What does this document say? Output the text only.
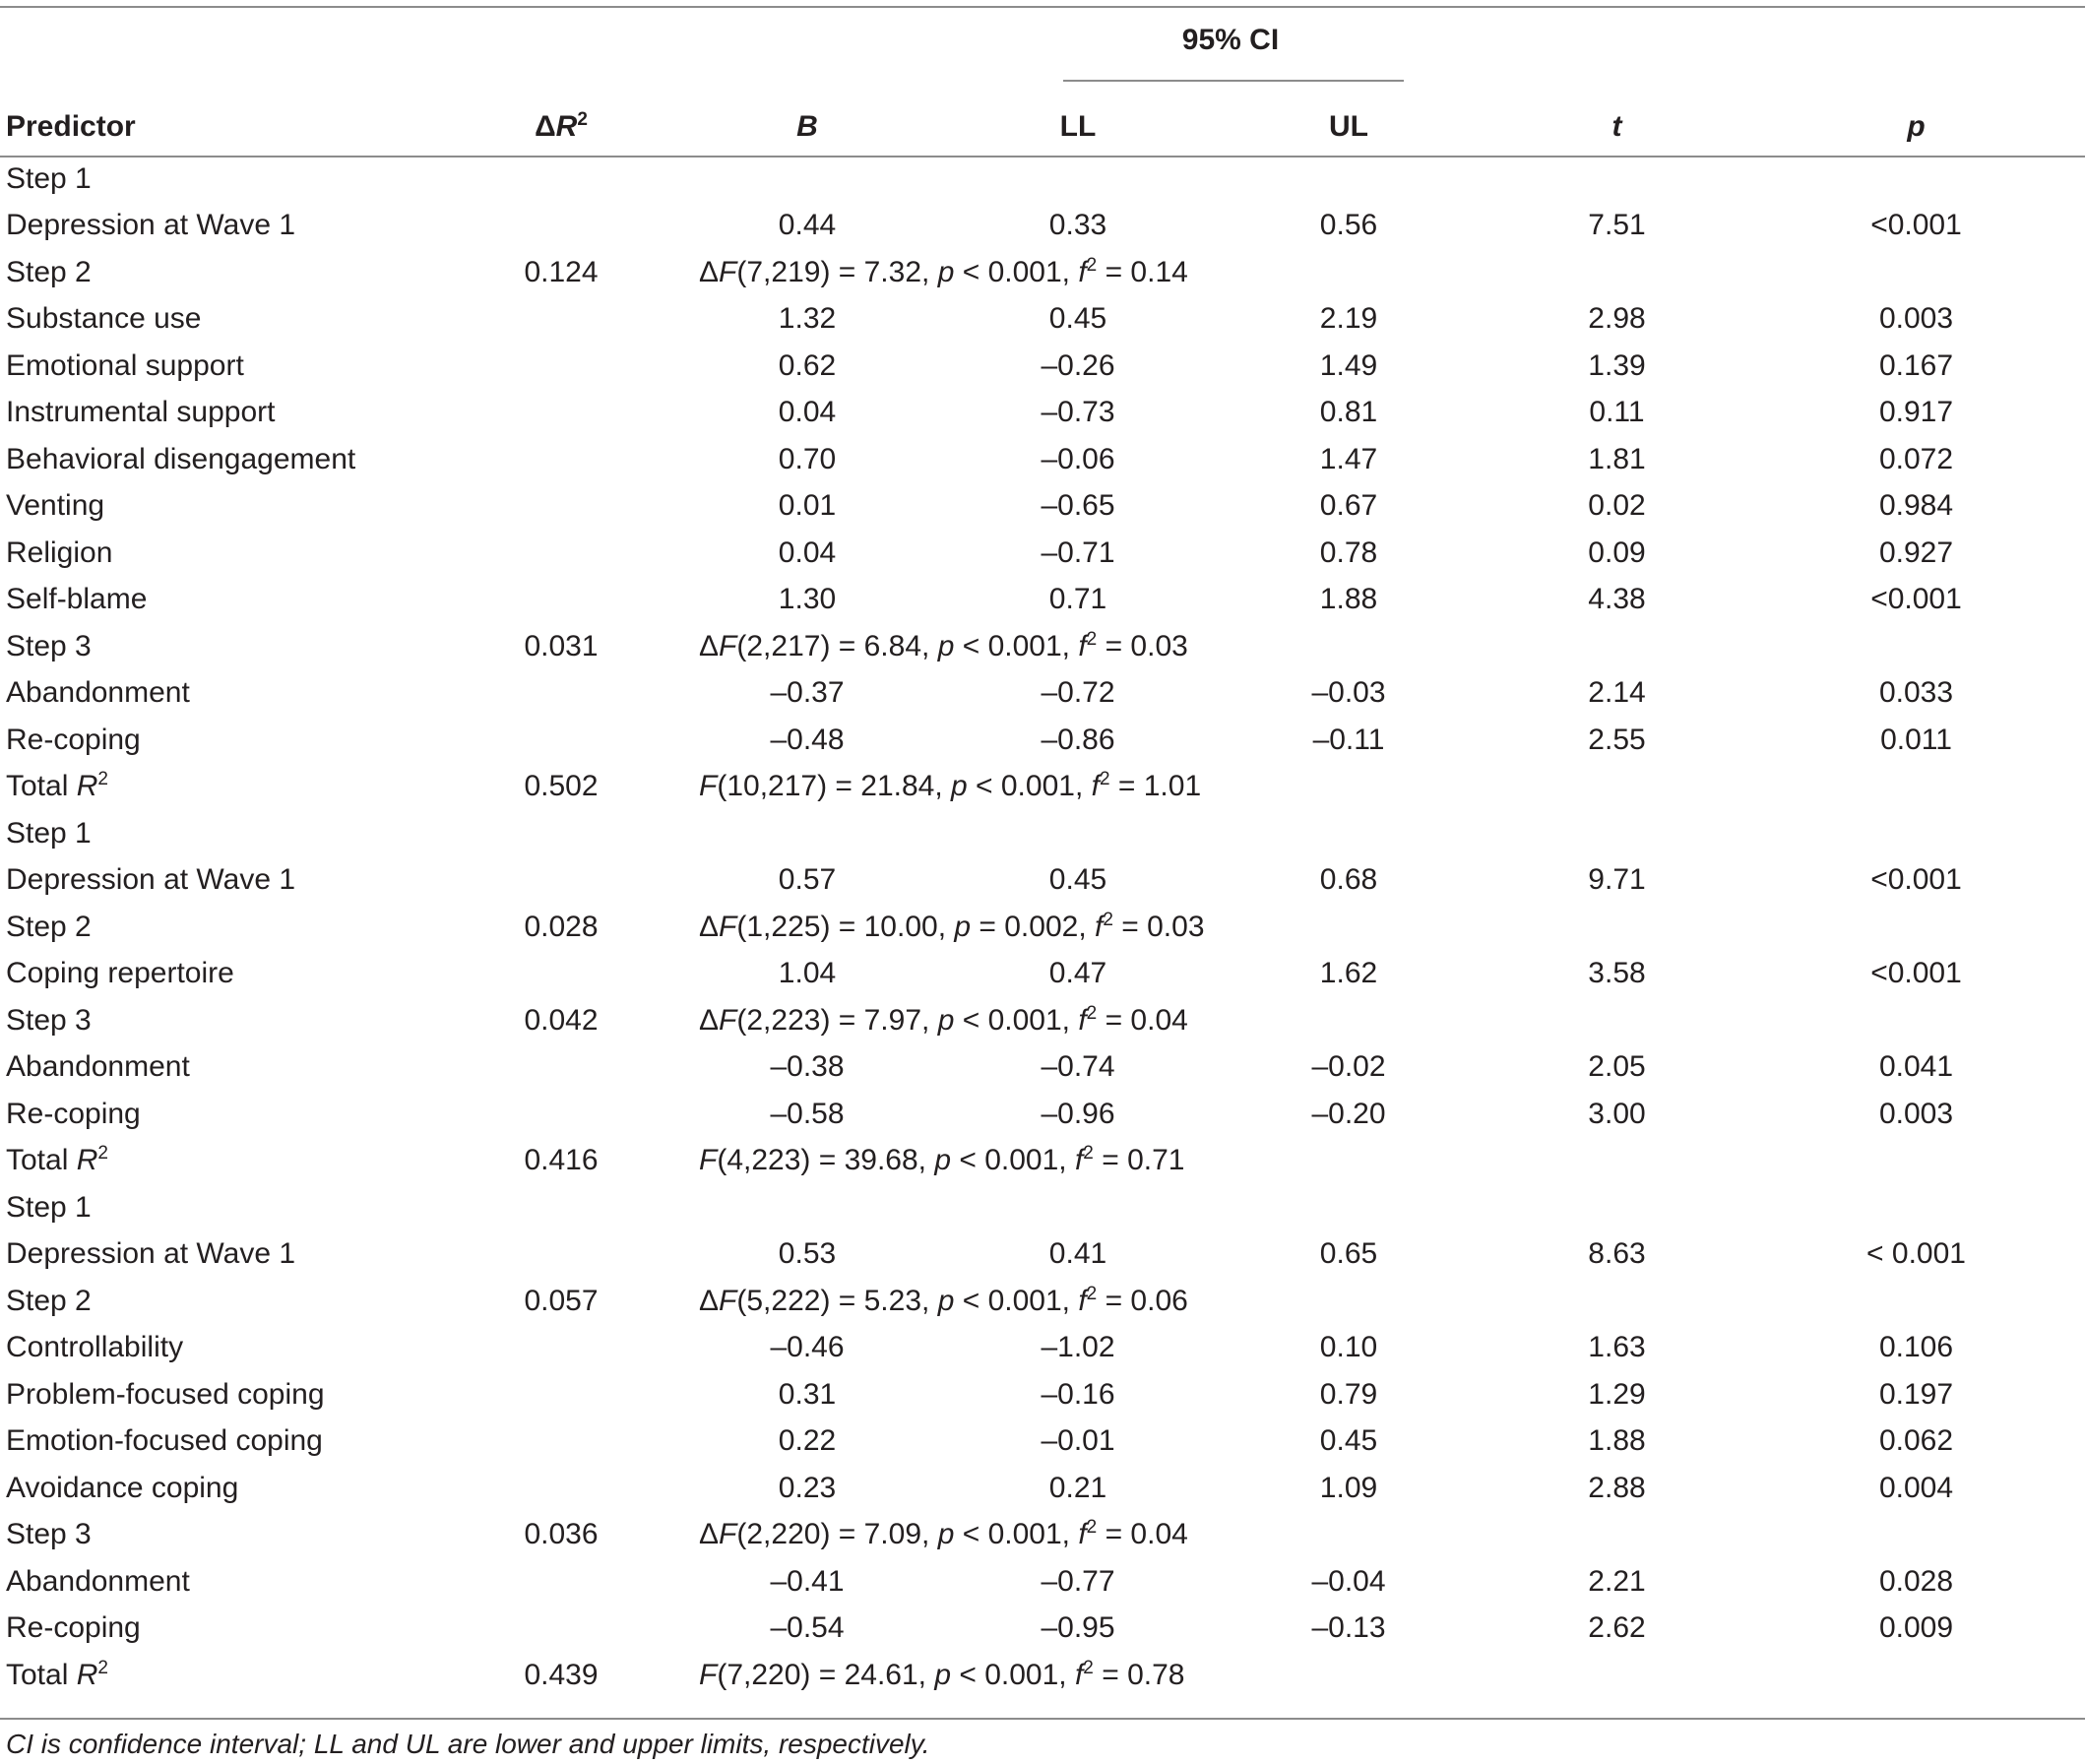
95% CI
Predictor	$\Delta R^2$	B	LL	UL	t	p	
Step 1							
Depression at Wave 1		0.44	0.33	0.56	7.51	<0.001	
Step 2	0.124	ΔF(7,219) = 7.32, p < 0.001, $f^2 = 0.14$					
Substance use		1.32	0.45	2.19	2.98	0.003	
Emotional support		0.62	–0.26	1.49	1.39	0.167	
Instrumental support		0.04	–0.73	0.81	0.11	0.917	
Behavioral disengagement		0.70	–0.06	1.47	1.81	0.072	
Venting		0.01	–0.65	0.67	0.02	0.984	
Religion		0.04	–0.71	0.78	0.09	0.927	
Self-blame		1.30	0.71	1.88	4.38	<0.001	
Step 3	0.031	ΔF(2,217) = 6.84, p < 0.001, $f^2 = 0.03$					
Abandonment		–0.37	–0.72	–0.03	2.14	0.033	
Re-coping		–0.48	–0.86	–0.11	2.55	0.011	
Total $R^2$	0.502	F(10,217) = 21.84, p < 0.001, $f^2 = 1.01$					
Step 1							
Depression at Wave 1		0.57	0.45	0.68	9.71	<0.001	
Step 2	0.028	ΔF(1,225) = 10.00, p = 0.002, $f^2 = 0.03$					
Coping repertoire		1.04	0.47	1.62	3.58	<0.001	
Step 3	0.042	ΔF(2,223) = 7.97, p < 0.001, $f^2 = 0.04$					
Abandonment		–0.38	–0.74	–0.02	2.05	0.041	
Re-coping		–0.58	–0.96	–0.20	3.00	0.003	
Total $R^2$	0.416	F(4,223) = 39.68, p < 0.001, $f^2 = 0.71$					
Step 1							
Depression at Wave 1		0.53	0.41	0.65	8.63	< 0.001	
Step 2	0.057	ΔF(5,222) = 5.23, p < 0.001, $f^2 = 0.06$					
Controllability		–0.46	–1.02	0.10	1.63	0.106	
Problem-focused coping		0.31	–0.16	0.79	1.29	0.197	
Emotion-focused coping		0.22	–0.01	0.45	1.88	0.062	
Avoidance coping		0.23	0.21	1.09	2.88	0.004	
Step 3	0.036	ΔF(2,220) = 7.09, p < 0.001, $f^2 = 0.04$					
Abandonment		–0.41	–0.77	–0.04	2.21	0.028	
Re-coping		–0.54	–0.95	–0.13	2.62	0.009	
Total $R^2$	0.439	F(7,220) = 24.61, p < 0.001, $f^2 = 0.78$					
CI is confidence interval; LL and UL are lower and upper limits, respectively.
